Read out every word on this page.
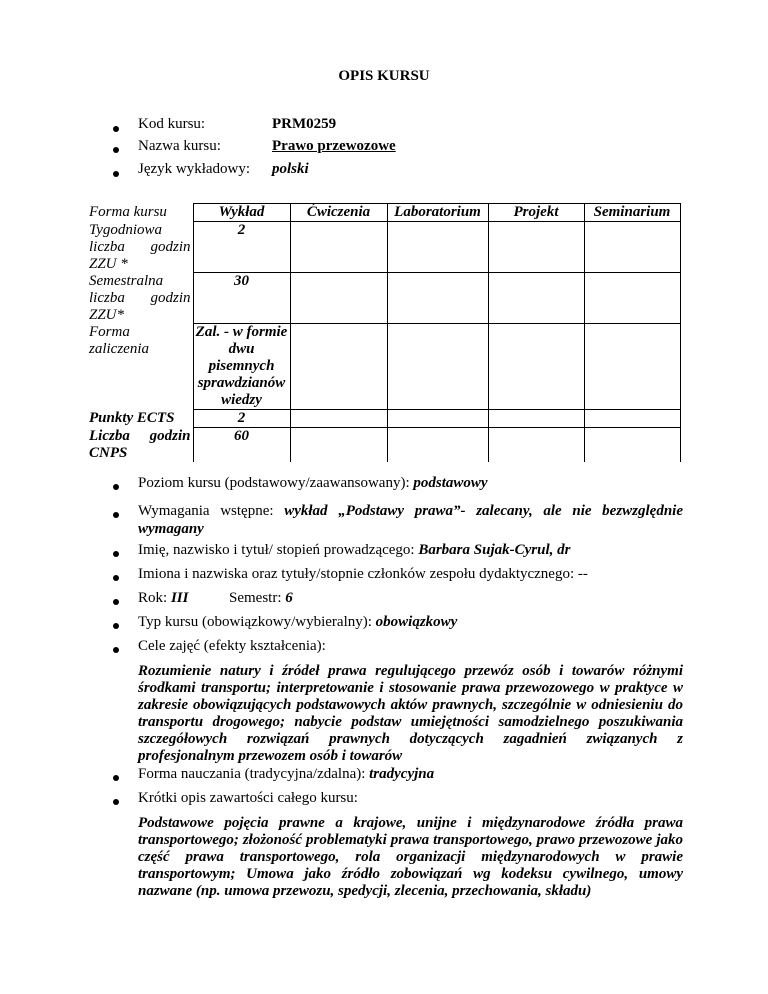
OPIS KURSU
Kod kursu:	PRM0259
Nazwa kursu:	Prawo przewozowe
Język wykładowy: polski
Forma kursu	Wykład	Ćwiczenia	Laboratorium	Projekt	Seminarium
Tygodniowa liczba godzin ZZU *	2				
Semestralna liczba godzin ZZU*	30				
Forma zaliczenia	Zal. - w formie dwu pisemnych sprawdzianów wiedzy				
Punkty ECTS	2				
Liczba godzin CNPS	60				
Poziom kursu (podstawowy/zaawansowany): podstawowy
Wymagania wstępne: wykład „Podstawy prawa”- zalecany, ale nie bezwzględnie wymagany
Imię, nazwisko i tytuł/ stopień prowadzącego: Barbara Sujak-Cyrul, dr
Imiona i nazwiska oraz tytuły/stopnie członków zespołu dydaktycznego: --
Rok: III	Semestr: 6
Typ kursu (obowiązkowy/wybieralny): obowiązkowy
Cele zajęć (efekty kształcenia):
Rozumienie natury i źródeł prawa regulującego przewóz osób i towarów różnymi środkami transportu; interpretowanie i stosowanie prawa przewozowego w praktyce w zakresie obowiązujących podstawowych aktów prawnych, szczególnie w odniesieniu do transportu drogowego; nabycie podstaw umiejętności samodzielnego poszukiwania szczegółowych rozwiązań prawnych dotyczących zagadnień związanych z profesjonalnym przewozem osób i towarów
Forma nauczania (tradycyjna/zdalna): tradycyjna
Krótki opis zawartości całego kursu:
Podstawowe pojęcia prawne a krajowe, unijne i międzynarodowe źródła prawa transportowego; złożoność problematyki prawa transportowego, prawo przewozowe jako część prawa transportowego, rola organizacji międzynarodowych w prawie transportowym; Umowa jako źródło zobowiązań wg kodeksu cywilnego, umowy nazwane (np. umowa przewozu, spedycji, zlecenia, przechowania, składu)
